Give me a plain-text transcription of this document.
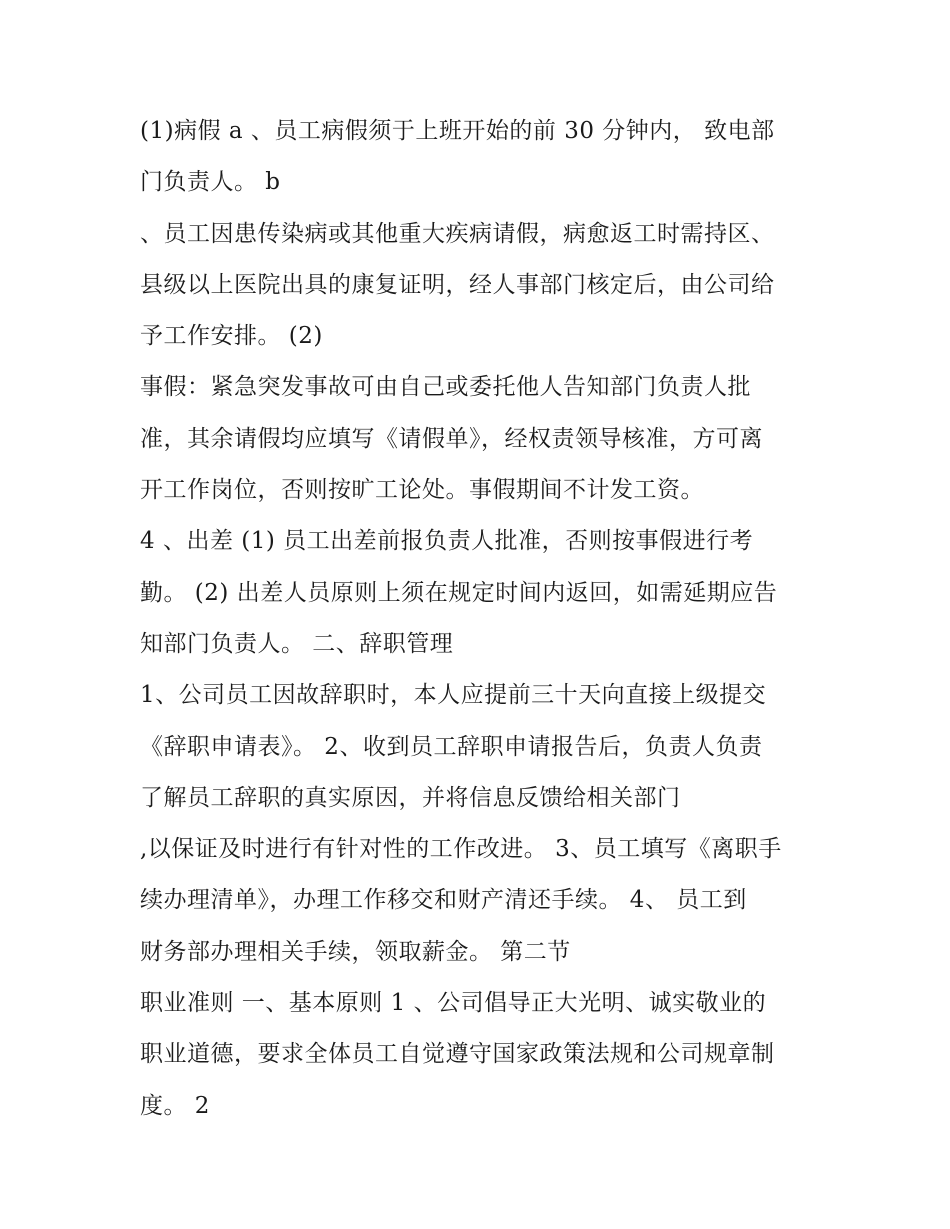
(1)病假 a 、员工病假须于上班开始的前 30 分钟内， 致电部
门负责人。 b
、员工因患传染病或其他重大疾病请假，病愈返工时需持区、
县级以上医院出具的康复证明，经人事部门核定后，由公司给
予工作安排。 (2)
事假：紧急突发事故可由自己或委托他人告知部门负责人批
准，其余请假均应填写《请假单》，经权责领导核准，方可离
开工作岗位，否则按旷工论处。事假期间不计发工资。
4 、出差 (1) 员工出差前报负责人批准，否则按事假进行考
勤。 (2) 出差人员原则上须在规定时间内返回，如需延期应告
知部门负责人。 二、辞职管理
1、公司员工因故辞职时，本人应提前三十天向直接上级提交
《辞职申请表》。 2、收到员工辞职申请报告后，负责人负责
了解员工辞职的真实原因，并将信息反馈给相关部门
,以保证及时进行有针对性的工作改进。 3、员工填写《离职手
续办理清单》，办理工作移交和财产清还手续。 4、 员工到
财务部办理相关手续，领取薪金。 第二节
职业准则 一、基本原则 1 、公司倡导正大光明、诚实敬业的
职业道德，要求全体员工自觉遵守国家政策法规和公司规章制
度。 2
